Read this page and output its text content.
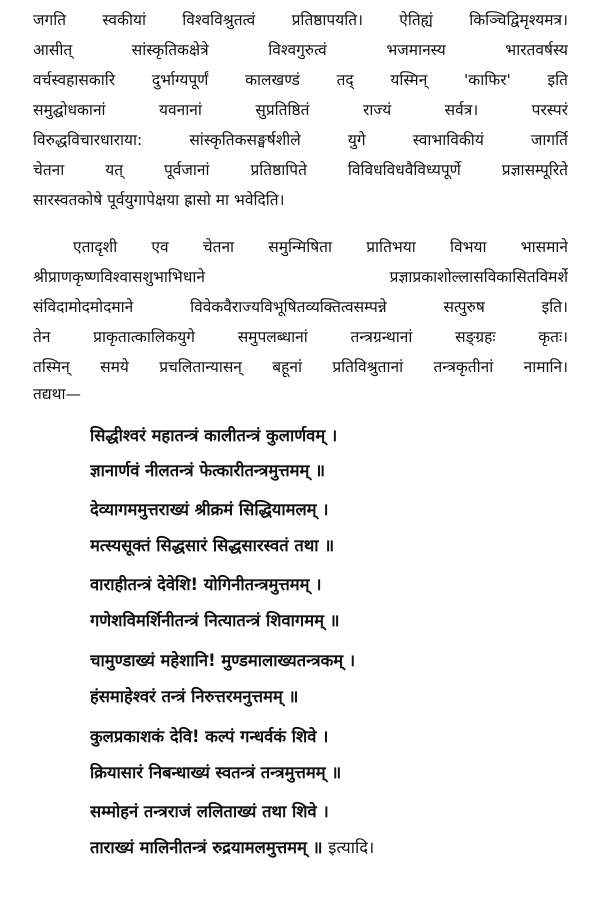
जगति स्वकीयां विश्वविश्रुतत्वं प्रतिष्ठापयति। ऐतिह्यं किञ्चिद्विमृश्यमत्र।
आसीत् सांस्कृतिकक्षेत्रे विश्वगुरुत्वं भजमानस्य भारतवर्षस्य
वर्चस्वहासकारि दुर्भाग्यपूर्णं कालखण्डं तद् यस्मिन् 'काफिर' इति
समुद्घोधकानां यवनानां सुप्रतिष्ठितं राज्यं सर्वत्र। परस्परं
विरुद्धविचारधाराया: सांस्कृतिकसङ्घर्षशीले युगे स्वाभाविकीयं जागर्ति
चेतना यत् पूर्वजानां प्रतिष्ठापिते विविधविधवैविध्यपूर्णे प्रज्ञासम्पूरिते
सारस्वतकोषे पूर्वयुगापेक्षया ह्रासो मा भवेदिति।
एतादृशी एव चेतना समुन्मिषिता प्रातिभया विभया भासमाने
श्रीप्राणकृष्णविश्वासशुभाभिधाने प्रज्ञाप्रकाशोल्लासविकासितविमर्शे
संविदामोदमोदमाने विवेकवैराज्यविभूषितव्यक्तित्वसम्पन्ने सत्पुरुष इति।
तेन प्राकृतात्कालिकयुगे समुपलब्धानां तन्त्रग्रन्थानां सङ्ग्रहः कृतः।
तस्मिन् समये प्रचलितान्यासन् बहूनां प्रतिविश्रुतानां तन्त्रकृतीनां नामानि।
तद्यथा—
सिद्धीश्वरं महातन्त्रं कालीतन्त्रं कुलार्णवम् ।
ज्ञानार्णवं नीलतन्त्रं फेत्कारीतन्त्रमुत्तमम् ॥
देव्यागममुत्तराख्यं श्रीक्रमं सिद्धियामलम् ।
मत्स्यसूक्तं सिद्धसारं सिद्धसारस्वतं तथा ॥
वाराहीतन्त्रं देवेशि! योगिनीतन्त्रमुत्तमम् ।
गणेशविमर्शिनीतन्त्रं नित्यातन्त्रं शिवागमम् ॥
चामुण्डाख्यं महेशानि! मुण्डमालाख्यतन्त्रकम् ।
हंसमाहेश्वरं तन्त्रं निरुत्तरमनुत्तमम् ॥
कुलप्रकाशकं देवि! कल्पं गन्धर्वकं शिवे ।
क्रियासारं निबन्धाख्यं स्वतन्त्रं तन्त्रमुत्तमम् ॥
सम्मोहनं तन्त्रराजं ललिताख्यं तथा शिवे ।
ताराख्यं मालिनीतन्त्रं रुद्रयामलमुत्तमम् ॥ इत्यादि।
